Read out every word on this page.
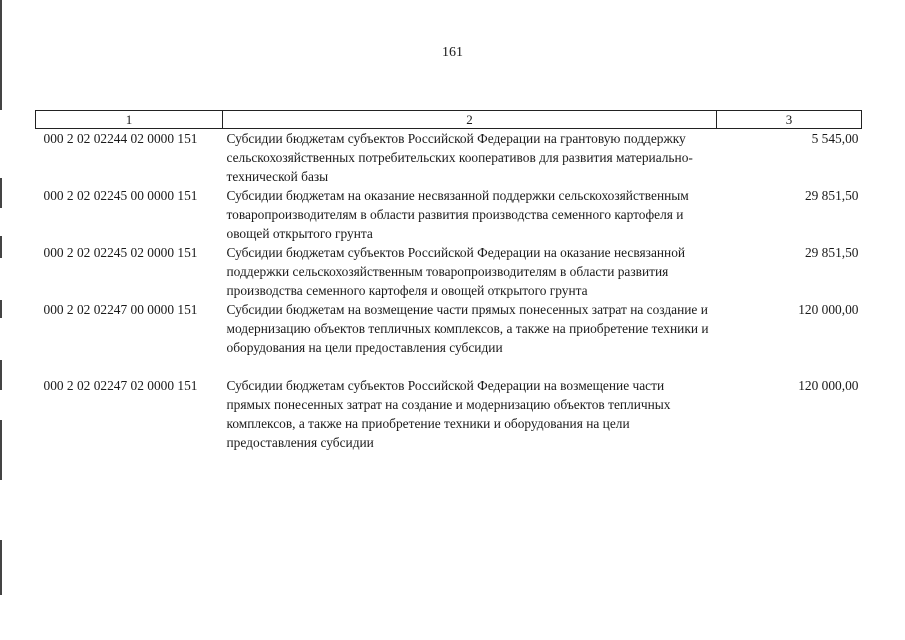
161
1	2	3
000 2 02 02244 02 0000 151	Субсидии бюджетам субъектов Российской Федерации на грантовую поддержку сельскохозяйственных потребительских кооперативов для развития материально-технической базы	5 545,00
000 2 02 02245 00 0000 151	Субсидии бюджетам на оказание несвязанной поддержки сельскохозяйственным товаропроизводителям в области развития производства семенного картофеля и овощей открытого грунта	29 851,50
000 2 02 02245 02 0000 151	Субсидии бюджетам субъектов Российской Федерации на оказание несвязанной поддержки сельскохозяйственным товаропроизводителям в области развития производства семенного картофеля и овощей открытого грунта	29 851,50
000 2 02 02247 00 0000 151	Субсидии бюджетам на возмещение части прямых понесенных затрат на создание и модернизацию объектов тепличных комплексов, а также на приобретение техники и оборудования на цели предоставления субсидии	120 000,00
000 2 02 02247 02 0000 151	Субсидии бюджетам субъектов Российской Федерации на возмещение части прямых понесенных затрат на создание и модернизацию объектов тепличных комплексов, а также на приобретение техники и оборудования на цели предоставления субсидии	120 000,00
